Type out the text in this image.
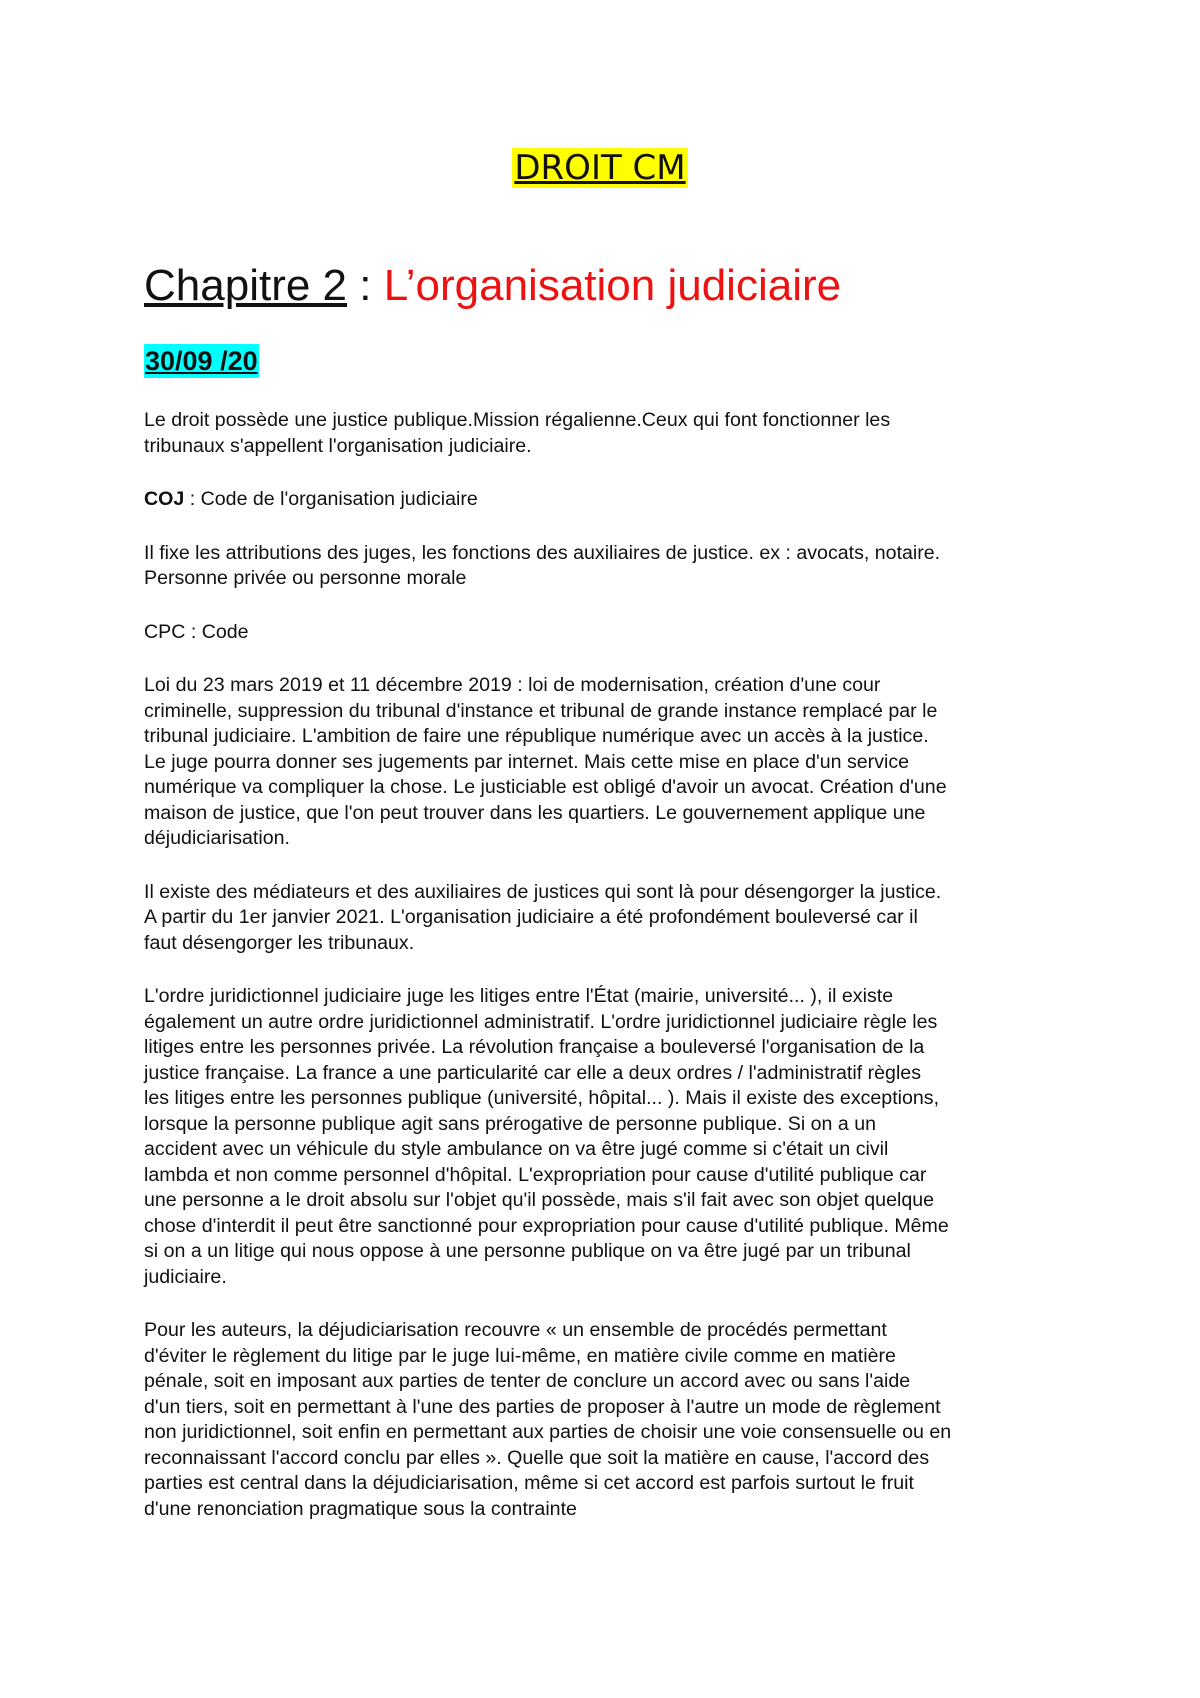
DROIT CM
Chapitre 2 : L’organisation judiciaire
30/09 /20

Le droit possède une justice publique.Mission régalienne.Ceux qui font fonctionner les
tribunaux s'appellent l'organisation judiciaire.

COJ : Code de l'organisation judiciaire

Il fixe les attributions des juges, les fonctions des auxiliaires de justice. ex : avocats, notaire.
Personne privée ou personne morale

CPC : Code

Loi du 23 mars 2019 et 11 décembre 2019 : loi de modernisation, création d'une cour
criminelle, suppression du tribunal d'instance et tribunal de grande instance remplacé par le
tribunal judiciaire. L'ambition de faire une république numérique avec un accès à la justice.
Le juge pourra donner ses jugements par internet. Mais cette mise en place d'un service
numérique va compliquer la chose. Le justiciable est obligé d'avoir un avocat. Création d'une
maison de justice, que l'on peut trouver dans les quartiers. Le gouvernement applique une
déjudiciarisation.

Il existe des médiateurs et des auxiliaires de justices qui sont là pour désengorger la justice.
A partir du 1er janvier 2021. L'organisation judiciaire a été profondément bouleversé car il
faut désengorger les tribunaux.

L'ordre juridictionnel judiciaire juge les litiges entre l'État (mairie, université... ), il existe
également un autre ordre juridictionnel administratif. L'ordre juridictionnel judiciaire règle les
litiges entre les personnes privée. La révolution française a bouleversé l'organisation de la
justice française. La france a une particularité car elle a deux ordres / l'administratif règles
les litiges entre les personnes publique (université, hôpital... ). Mais il existe des exceptions,
lorsque la personne publique agit sans prérogative de personne publique. Si on a un
accident avec un véhicule du style ambulance on va être jugé comme si c'était un civil
lambda et non comme personnel d'hôpital. L'expropriation pour cause d'utilité publique car
une personne a le droit absolu sur l'objet qu'il possède, mais s'il fait avec son objet quelque
chose d'interdit il peut être sanctionné pour expropriation pour cause d'utilité publique. Même
si on a un litige qui nous oppose à une personne publique on va être jugé par un tribunal
judiciaire.

Pour les auteurs, la déjudiciarisation recouvre « un ensemble de procédés permettant
d'éviter le règlement du litige par le juge lui-même, en matière civile comme en matière
pénale, soit en imposant aux parties de tenter de conclure un accord avec ou sans l'aide
d'un tiers, soit en permettant à l'une des parties de proposer à l'autre un mode de règlement
non juridictionnel, soit enfin en permettant aux parties de choisir une voie consensuelle ou en
reconnaissant l'accord conclu par elles ». Quelle que soit la matière en cause, l'accord des
parties est central dans la déjudiciarisation, même si cet accord est parfois surtout le fruit
d'une renonciation pragmatique sous la contrainte
